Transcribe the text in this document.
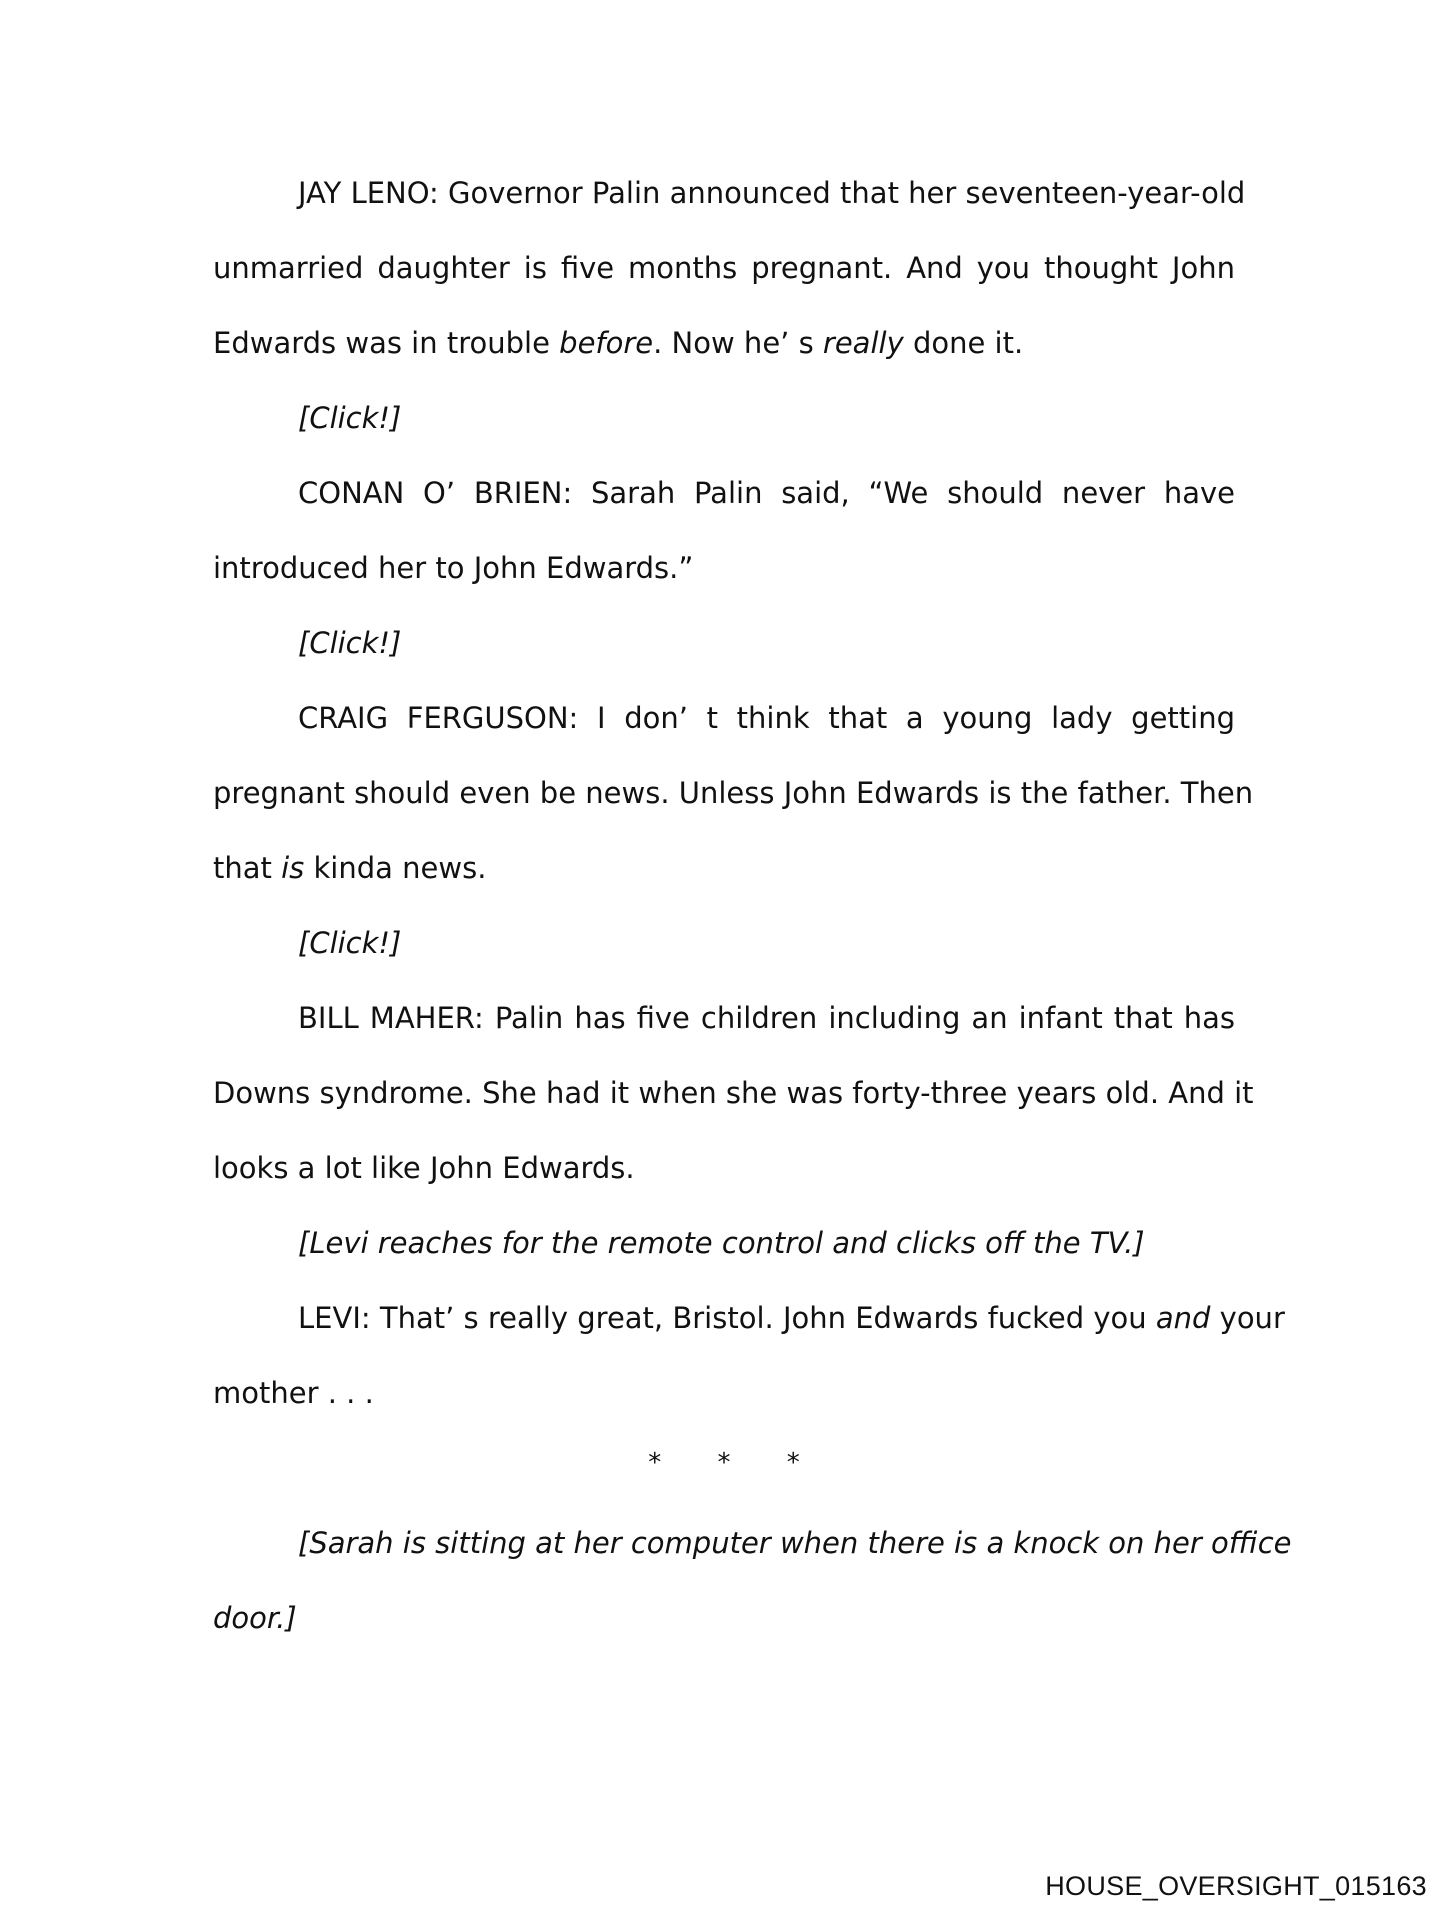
JAY LENO: Governor Palin announced that her seventeen-year-old
unmarried daughter is five months pregnant. And you thought John
Edwards was in trouble before. Now he’ s really done it.
[Click!]
CONAN O’ BRIEN: Sarah Palin said, “We should never have
introduced her to John Edwards.”
[Click!]
CRAIG FERGUSON: I don’ t think that a young lady getting
pregnant should even be news. Unless John Edwards is the father. Then
that is kinda news.
[Click!]
BILL MAHER: Palin has five children including an infant that has
Downs syndrome. She had it when she was forty-three years old. And it
looks a lot like John Edwards.
[Levi reaches for the remote control and clicks off the TV.]
LEVI: That’ s really great, Bristol. John Edwards fucked you and your
mother . . .
* * *
[Sarah is sitting at her computer when there is a knock on her office
door.]
HOUSE_OVERSIGHT_015163
